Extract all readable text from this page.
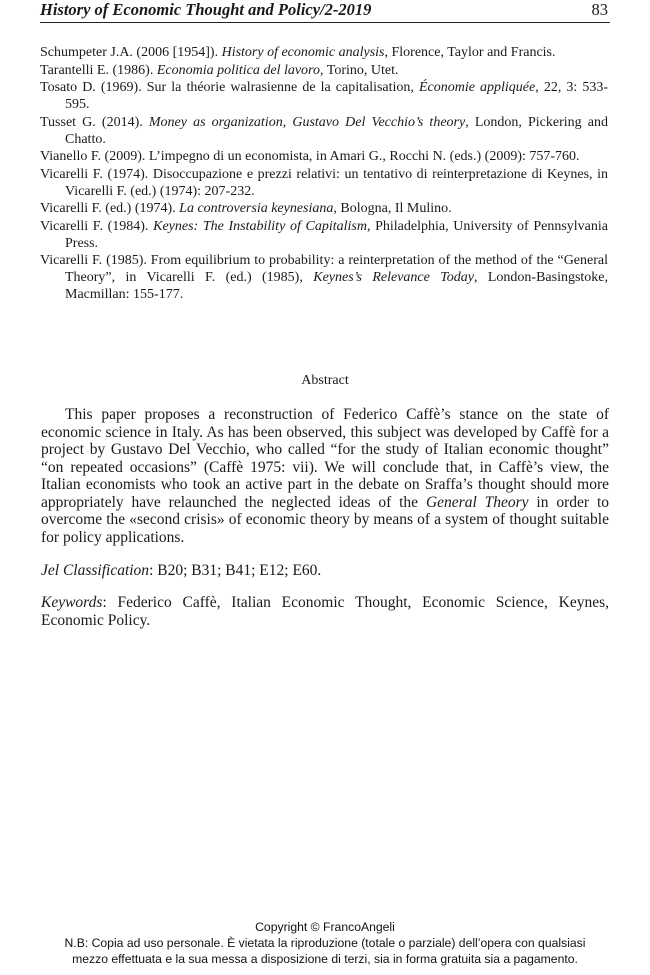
History of Economic Thought and Policy/2-2019	83

Schumpeter J.A. (2006 [1954]). History of economic analysis, Florence, Taylor and Francis.

Tarantelli E. (1986). Economia politica del lavoro, Torino, Utet.

Tosato D. (1969). Sur la théorie walrasienne de la capitalisation, Économie appliquée, 22, 3: 533-595.

Tusset G. (2014). Money as organization, Gustavo Del Vecchio’s theory, London, Pickering and Chatto.

Vianello F. (2009). L’impegno di un economista, in Amari G., Rocchi N. (eds.) (2009): 757-760.

Vicarelli F. (1974). Disoccupazione e prezzi relativi: un tentativo di reinterpretazione di Keynes, in Vicarelli F. (ed.) (1974): 207-232.

Vicarelli F. (ed.) (1974). La controversia keynesiana, Bologna, Il Mulino.

Vicarelli F. (1984). Keynes: The Instability of Capitalism, Philadelphia, University of Pennsylvania Press.

Vicarelli F. (1985). From equilibrium to probability: a reinterpretation of the method of the “General Theory”, in Vicarelli F. (ed.) (1985), Keynes’s Relevance Today, London-Basingstoke, Macmillan: 155-177.

Abstract

This paper proposes a reconstruction of Federico Caffè’s stance on the state of economic science in Italy. As has been observed, this subject was developed by Caffè for a project by Gustavo Del Vecchio, who called “for the study of Italian economic thought” “on repeated occasions” (Caffè 1975: vii). We will conclude that, in Caffè’s view, the Italian economists who took an active part in the debate on Sraffa’s thought should more appropriately have relaunched the neglected ideas of the General Theory in order to overcome the «second crisis» of economic theory by means of a system of thought suitable for policy applications.

Jel Classification: B20; B31; B41; E12; E60.

Keywords: Federico Caffè, Italian Economic Thought, Economic Science, Keynes, Economic Policy.

Copyright © FrancoAngeli
N.B: Copia ad uso personale. È vietata la riproduzione (totale o parziale) dell’opera con qualsiasi
mezzo effettuata e la sua messa a disposizione di terzi, sia in forma gratuita sia a pagamento.
